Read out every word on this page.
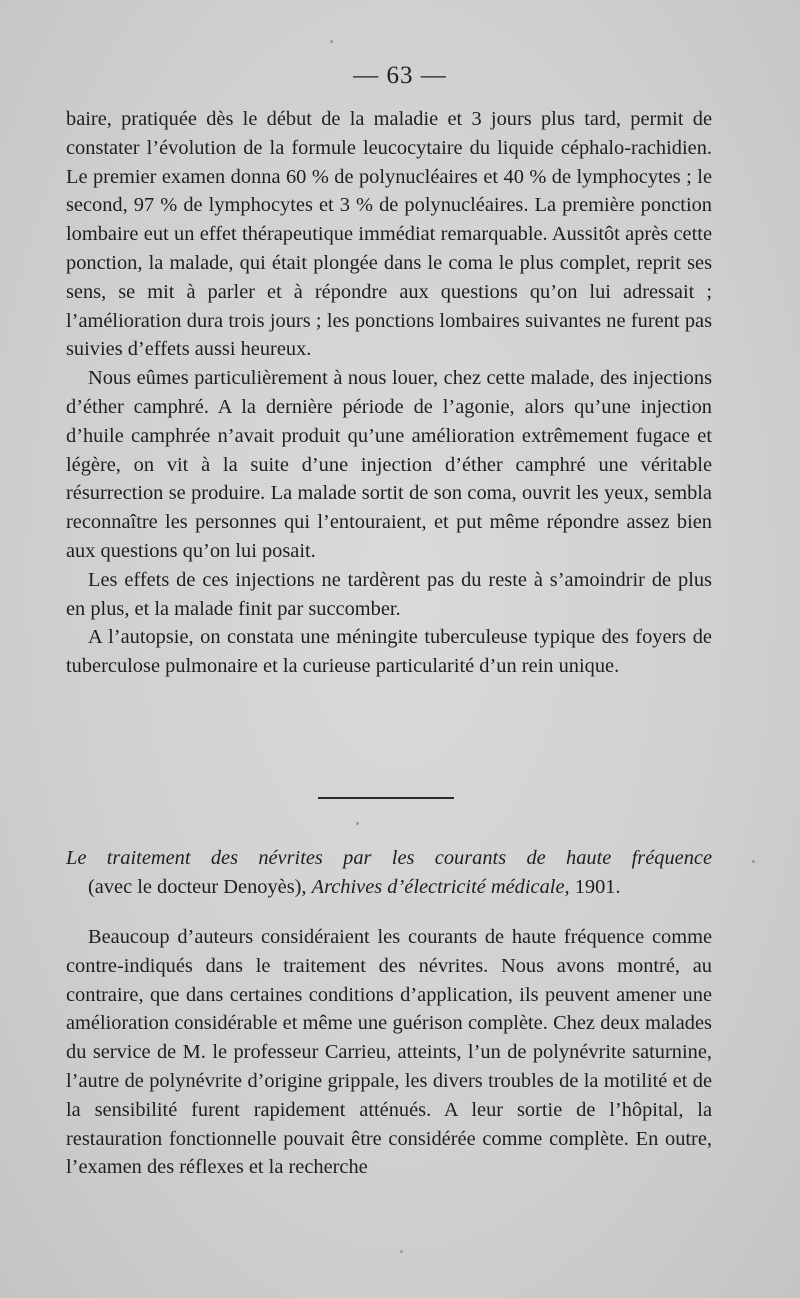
— 63 —

baire, pratiquée dès le début de la maladie et 3 jours plus tard, permit de constater l’évolution de la formule leucocytaire du liquide céphalo-rachidien. Le premier examen donna 60 % de polynucléaires et 40 % de lymphocytes ; le second, 97 % de lymphocytes et 3 % de polynucléaires. La première ponction lombaire eut un effet thérapeutique immédiat remarquable. Aussitôt après cette ponction, la malade, qui était plongée dans le coma le plus complet, reprit ses sens, se mit à parler et à répondre aux questions qu’on lui adressait ; l’amélioration dura trois jours ; les ponctions lombaires suivantes ne furent pas suivies d’effets aussi heureux.

Nous eûmes particulièrement à nous louer, chez cette malade, des injections d’éther camphré. A la dernière période de l’agonie, alors qu’une injection d’huile camphrée n’avait produit qu’une amélioration extrêmement fugace et légère, on vit à la suite d’une injection d’éther camphré une véritable résurrection se produire. La malade sortit de son coma, ouvrit les yeux, sembla reconnaître les personnes qui l’entouraient, et put même répondre assez bien aux questions qu’on lui posait.

Les effets de ces injections ne tardèrent pas du reste à s’amoindrir de plus en plus, et la malade finit par succomber.

A l’autopsie, on constata une méningite tuberculeuse typique des foyers de tuberculose pulmonaire et la curieuse particularité d’un rein unique.

Le traitement des névrites par les courants de haute fréquence
(avec le docteur Denoyès), Archives d’électricité médicale, 1901.

Beaucoup d’auteurs considéraient les courants de haute fréquence comme contre-indiqués dans le traitement des névrites. Nous avons montré, au contraire, que dans certaines conditions d’application, ils peuvent amener une amélioration considérable et même une guérison complète. Chez deux malades du service de M. le professeur Carrieu, atteints, l’un de polynévrite saturnine, l’autre de polynévrite d’origine grippale, les divers troubles de la motilité et de la sensibilité furent rapidement atténués. A leur sortie de l’hôpital, la restauration fonctionnelle pouvait être considérée comme complète. En outre, l’examen des réflexes et la recherche
